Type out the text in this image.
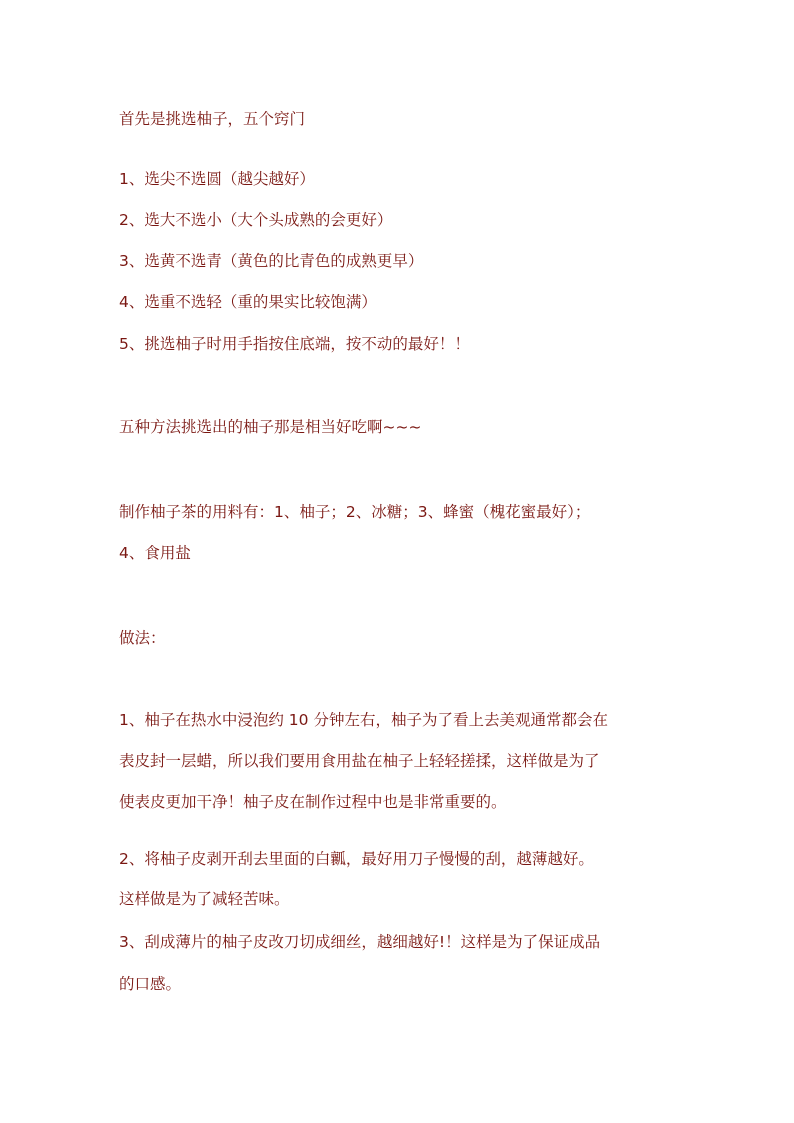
首先是挑选柚子，五个窍门
1、选尖不选圆（越尖越好）
2、选大不选小（大个头成熟的会更好）
3、选黄不选青（黄色的比青色的成熟更早）
4、选重不选轻（重的果实比较饱满）
5、挑选柚子时用手指按住底端，按不动的最好！！
五种方法挑选出的柚子那是相当好吃啊~~~
制作柚子茶的用料有：1、柚子；2、冰糖；3、蜂蜜（槐花蜜最好）；
4、食用盐
做法：
1、柚子在热水中浸泡约 10 分钟左右，柚子为了看上去美观通常都会在
表皮封一层蜡，所以我们要用食用盐在柚子上轻轻搓揉，这样做是为了
使表皮更加干净！柚子皮在制作过程中也是非常重要的。
2、将柚子皮剥开刮去里面的白瓤，最好用刀子慢慢的刮，越薄越好。
这样做是为了减轻苦味。
3、刮成薄片的柚子皮改刀切成细丝，越细越好!！这样是为了保证成品
的口感。
